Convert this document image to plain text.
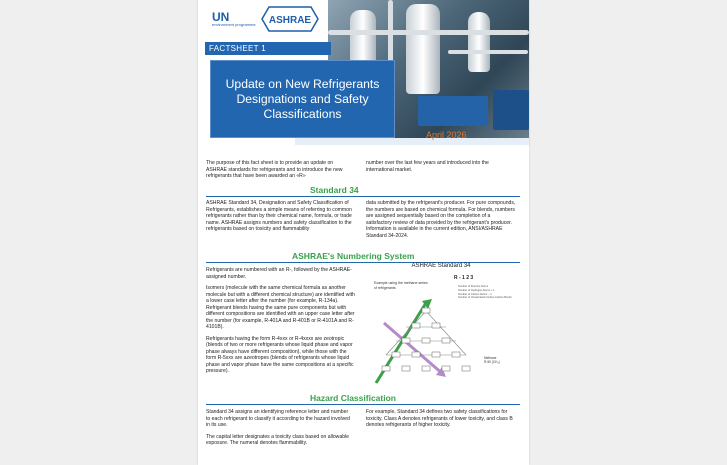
UN
environment programme ASHRAE
FACTSHEET 1
Update on New Refrigerants Designations and Safety Classifications
April 2026
The purpose of this fact sheet is to provide an update on ASHRAE standards for refrigerants and to introduce the new refrigerants that have been awarded an «R»
number over the last few years and introduced into the international market.
Standard 34
ASHRAE Standard 34, Designation and Safety Classification of Refrigerants, establishes a simple means of referring to common refrigerants rather than by their chemical name, formula, or trade name. ASHRAE assigns numbers and safety classification to the refrigerants based on toxicity and flammability
data submitted by the refrigerant's producer. For pure compounds, the numbers are based on chemical formula. For blends, numbers are assigned sequentially based on the completion of a satisfactory review of data provided by the refrigerant's producer. Information is available in the current edition, ANSI/ASHRAE Standard 34-2024.
ASHRAE's Numbering System

Refrigerants are numbered with an R-, followed by the ASHRAE-assigned number.

Isomers (molecule with the same chemical formula as another molecule but with a different chemical structure) are identified with a lower case letter after the number (for example, R-134a). Refrigerant blends having the same pure components but with different compositions are identified with an upper case letter after the number (for example, R-401A and R-401B or R-4101A and R-4101B).

Refrigerants having the form R-4xxx or R-4xxxx are zeotropic (blends of two or more refrigerants whose liquid phase and vapor phase always have different composition), while those with the form R-5xxx are azeotropes (blends of refrigerants whose liquid phase and vapor phase have the same compositions at a specific pressure).

ASHRAE Standard 34
Example using the methane series of refrigerants
R - 1 2 3
Number of Fluorine Atoms
Number of Hydrogen Atoms + 1
Number of Carbon Atoms − 1
Number of Unsaturated Carbon-Carbon Bonds
Methane
R-50 (CH₄)
Hazard Classification

Standard 34 assigns an identifying reference letter and number to each refrigerant to classify it according to the hazard involved in its use.

The capital letter designates a toxicity class based on allowable exposure. The numeral denotes flammability.

For example, Standard 34 defines two safety classifications for toxicity. Class A denotes refrigerants of lower toxicity, and class B denotes refrigerants of higher toxicity.
